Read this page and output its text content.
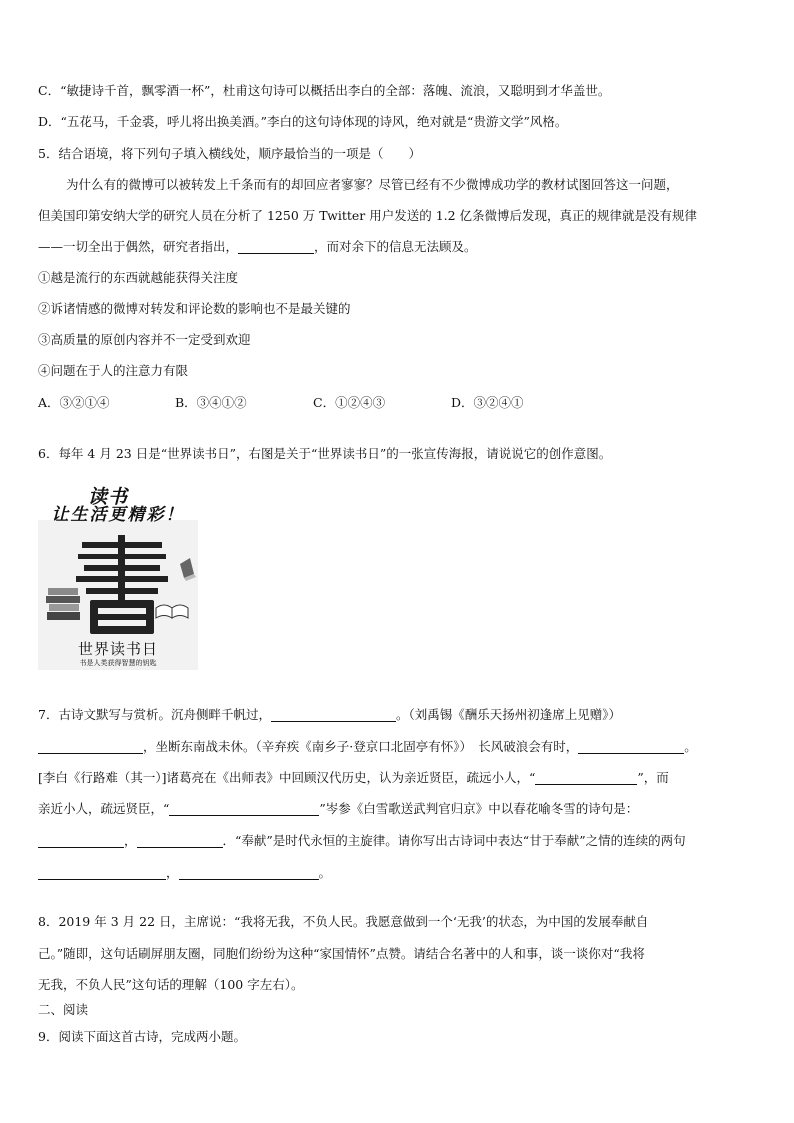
C．“敏捷诗千首，飘零酒一杯”，杜甫这句诗可以概括出李白的全部：落魄、流浪，又聪明到才华盖世。
D．“五花马，千金裘，呼儿将出换美酒。”李白的这句诗体现的诗风，绝对就是“贵游文学”风格。
5．结合语境，将下列句子填入横线处，顺序最恰当的一项是（　　）
为什么有的微博可以被转发上千条而有的却回应者寥寥？尽管已经有不少微博成功学的教材试图回答这一问题，
但美国印第安纳大学的研究人员在分析了 1250 万 Twitter 用户发送的 1.2 亿条微博后发现，真正的规律就是没有规律
——一切全出于偶然，研究者指出，	，而对余下的信息无法顾及。
①越是流行的东西就越能获得关注度
②诉诸情感的微博对转发和评论数的影响也不是最关键的
③高质量的原创内容并不一定受到欢迎
④问题在于人的注意力有限
A．③②①④	B．③④①②	C．①②④③	D．③②④①
6．每年 4 月 23 日是“世界读书日”，右图是关于“世界读书日”的一张宣传海报，请说说它的创作意图。
读书
让生活更精彩！
世界读书日
书是人类获得智慧的钥匙
7．古诗文默写与赏析。沉舟侧畔千帆过，	。（刘禹锡《酬乐天扬州初逢席上见赠》）
，坐断东南战未休。（辛弃疾《南乡子·登京口北固亭有怀》）　长风破浪会有时，	。
[李白《行路难（其一）]诸葛亮在《出师表》中回顾汉代历史，认为亲近贤臣，疏远小人，“	”，而
亲近小人，疏远贤臣，“	”岑参《白雪歌送武判官归京》中以春花喻冬雪的诗句是：
，	．“奉献”是时代永恒的主旋律。请你写出古诗词中表达“甘于奉献”之情的连续的两句
，	。
8．2019 年 3 月 22 日，主席说：“我将无我，不负人民。我愿意做到一个‘无我’的状态，为中国的发展奉献自
己。”随即，这句话刷屏朋友圈，同胞们纷纷为这种“家国情怀”点赞。请结合名著中的人和事，谈一谈你对“我将
无我，不负人民”这句话的理解（100 字左右）。
二、阅读
9．阅读下面这首古诗，完成两小题。
